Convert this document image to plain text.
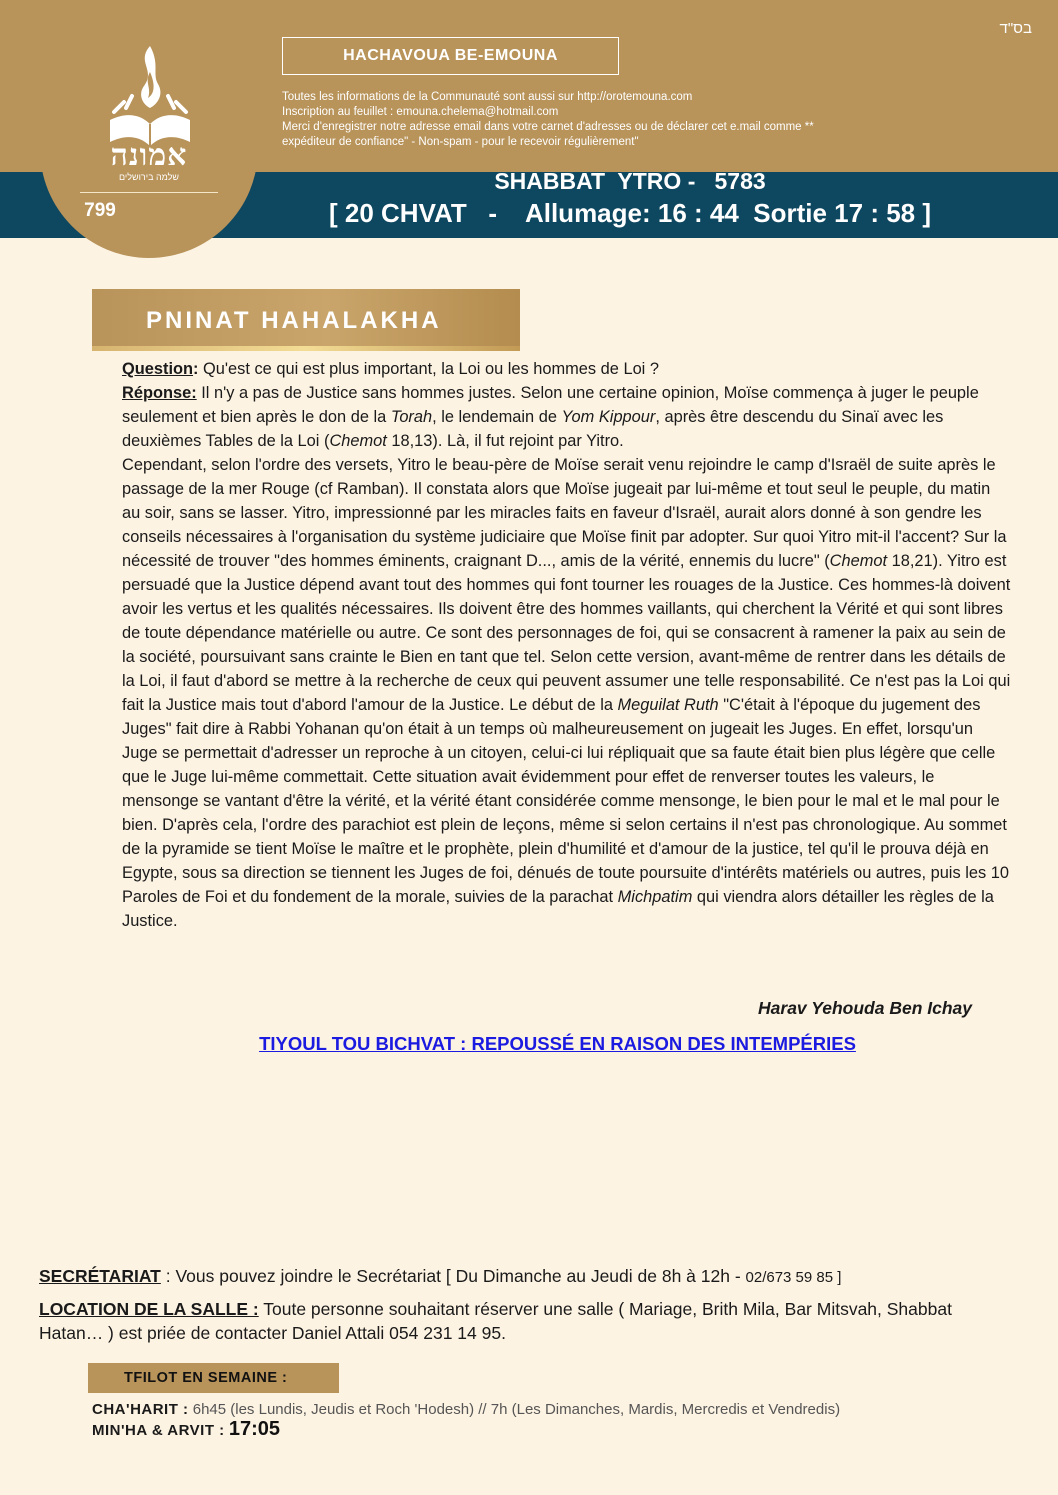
אמונה
שלמה בירושלים
799
בס"ד
HACHAVOUA BE-EMOUNA
Toutes les informations de la Communauté sont aussi sur http://orotemouna.com
Inscription au feuillet : emouna.chelema@hotmail.com
Merci d'enregistrer notre adresse email dans votre carnet d'adresses ou de déclarer cet e.mail comme **
expéditeur de confiance" - Non-spam - pour le recevoir régulièrement"
SHABBAT  YTRO -   5783
[ 20 CHVAT   -    Allumage: 16 : 44  Sortie 17 : 58 ]
PNINAT HAHALAKHA

Question: Qu'est ce qui est plus important, la Loi ou les hommes de Loi ?

Réponse: Il n'y a pas de Justice sans hommes justes. Selon une certaine opinion, Moïse commença à juger le peuple seulement et bien après le don de la Torah, le lendemain de Yom Kippour, après être descendu du Sinaï avec les deuxièmes Tables de la Loi (Chemot 18,13). Là, il fut rejoint par Yitro.

Cependant, selon l'ordre des versets, Yitro le beau-père de Moïse serait venu rejoindre le camp d'Israël de suite après le passage de la mer Rouge (cf Ramban). Il constata alors que Moïse jugeait par lui-même et tout seul le peuple, du matin au soir, sans se lasser. Yitro, impressionné par les miracles faits en faveur d'Israël, aurait alors donné à son gendre les conseils nécessaires à l'organisation du système judiciaire que Moïse finit par adopter. Sur quoi Yitro mit-il l'accent? Sur la nécessité de trouver "des hommes éminents, craignant D..., amis de la vérité, ennemis du lucre" (Chemot 18,21). Yitro est persuadé que la Justice dépend avant tout des hommes qui font tourner les rouages de la Justice. Ces hommes-là doivent avoir les vertus et les qualités nécessaires. Ils doivent être des hommes vaillants, qui cherchent la Vérité et qui sont libres de toute dépendance matérielle ou autre. Ce sont des personnages de foi, qui se consacrent à ramener la paix au sein de la société, poursuivant sans crainte le Bien en tant que tel. Selon cette version, avant-même de rentrer dans les détails de la Loi, il faut d'abord se mettre à la recherche de ceux qui peuvent assumer une telle responsabilité. Ce n'est pas la Loi qui fait la Justice mais tout d'abord l'amour de la Justice. Le début de la Meguilat Ruth "C'était à l'époque du jugement des Juges" fait dire à Rabbi Yohanan qu'on était à un temps où malheureusement on jugeait les Juges. En effet, lorsqu'un Juge se permettait d'adresser un reproche à un citoyen, celui-ci lui répliquait que sa faute était bien plus légère que celle que le Juge lui-même commettait. Cette situation avait évidemment pour effet de renverser toutes les valeurs, le mensonge se vantant d'être la vérité, et la vérité étant considérée comme mensonge, le bien pour le mal et le mal pour le bien. D'après cela, l'ordre des parachiot est plein de leçons, même si selon certains il n'est pas chronologique. Au sommet de la pyramide se tient Moïse le maître et le prophète, plein d'humilité et d'amour de la justice, tel qu'il le prouva déjà en Egypte, sous sa direction se tiennent les Juges de foi, dénués de toute poursuite d'intérêts matériels ou autres, puis les 10 Paroles de Foi et du fondement de la morale, suivies de la parachat Michpatim qui viendra alors détailler les règles de la Justice.

Harav Yehouda Ben Ichay
TIYOUL TOU BICHVAT : REPOUSSÉ EN RAISON DES INTEMPÉRIES
SECRÉTARIAT : Vous pouvez joindre le Secrétariat [ Du Dimanche au Jeudi de 8h à 12h - 02/673 59 85 ]
LOCATION DE LA SALLE : Toute personne souhaitant réserver une salle ( Mariage, Brith Mila, Bar Mitsvah, Shabbat Hatan… ) est priée de contacter Daniel Attali 054 231 14 95.
TFILOT EN SEMAINE :
CHA'HARIT : 6h45 (les Lundis, Jeudis et Roch 'Hodesh) // 7h (Les Dimanches, Mardis, Mercredis et Vendredis)
MIN'HA & ARVIT : 17:05
